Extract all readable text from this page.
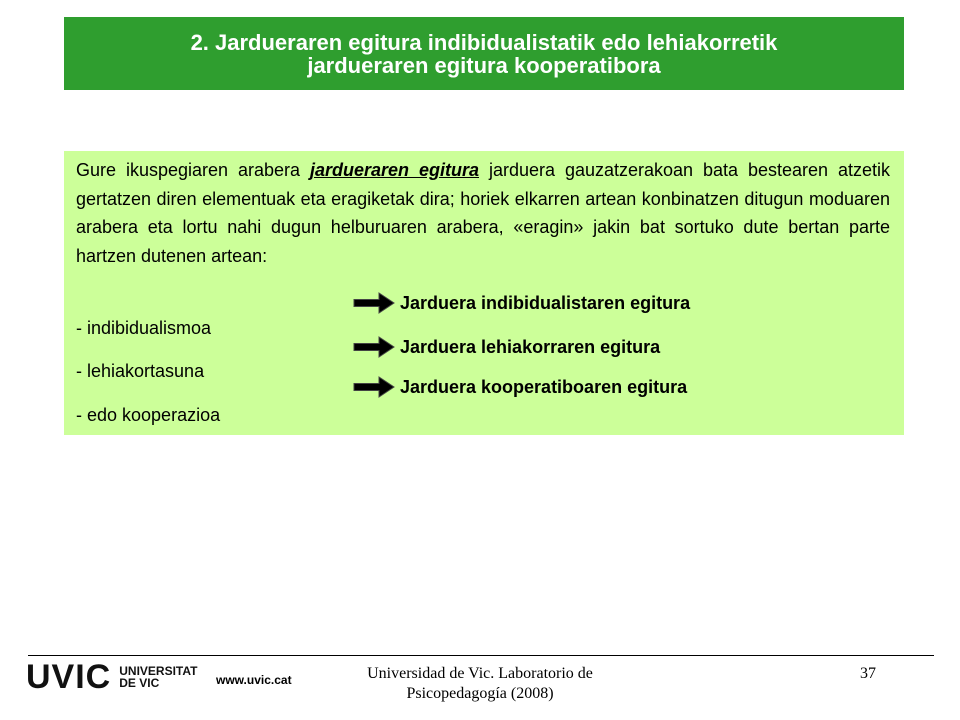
2. Jardueraren egitura indibidualistatik edo lehiakorretik
jardueraren egitura kooperatibora

Gure ikuspegiaren arabera jardueraren egitura jarduera gauzatzerakoan bata bestearen atzetik gertatzen diren elementuak eta eragiketak dira; horiek elkarren artean konbinatzen ditugun moduaren arabera eta lortu nahi dugun helburuaren arabera, «eragin» jakin bat sortuko dute bertan parte hartzen dutenen artean:

- indibidualismoa
- lehiakortasuna
- edo kooperazioa
Jarduera indibidualistaren egitura
Jarduera lehiakorraren egitura
Jarduera kooperatiboaren egitura
UVIC UNIVERSITAT
DE VIC	www.uvic.cat	Universidad de Vic. Laboratorio de
Psicopedagogía (2008)
37
